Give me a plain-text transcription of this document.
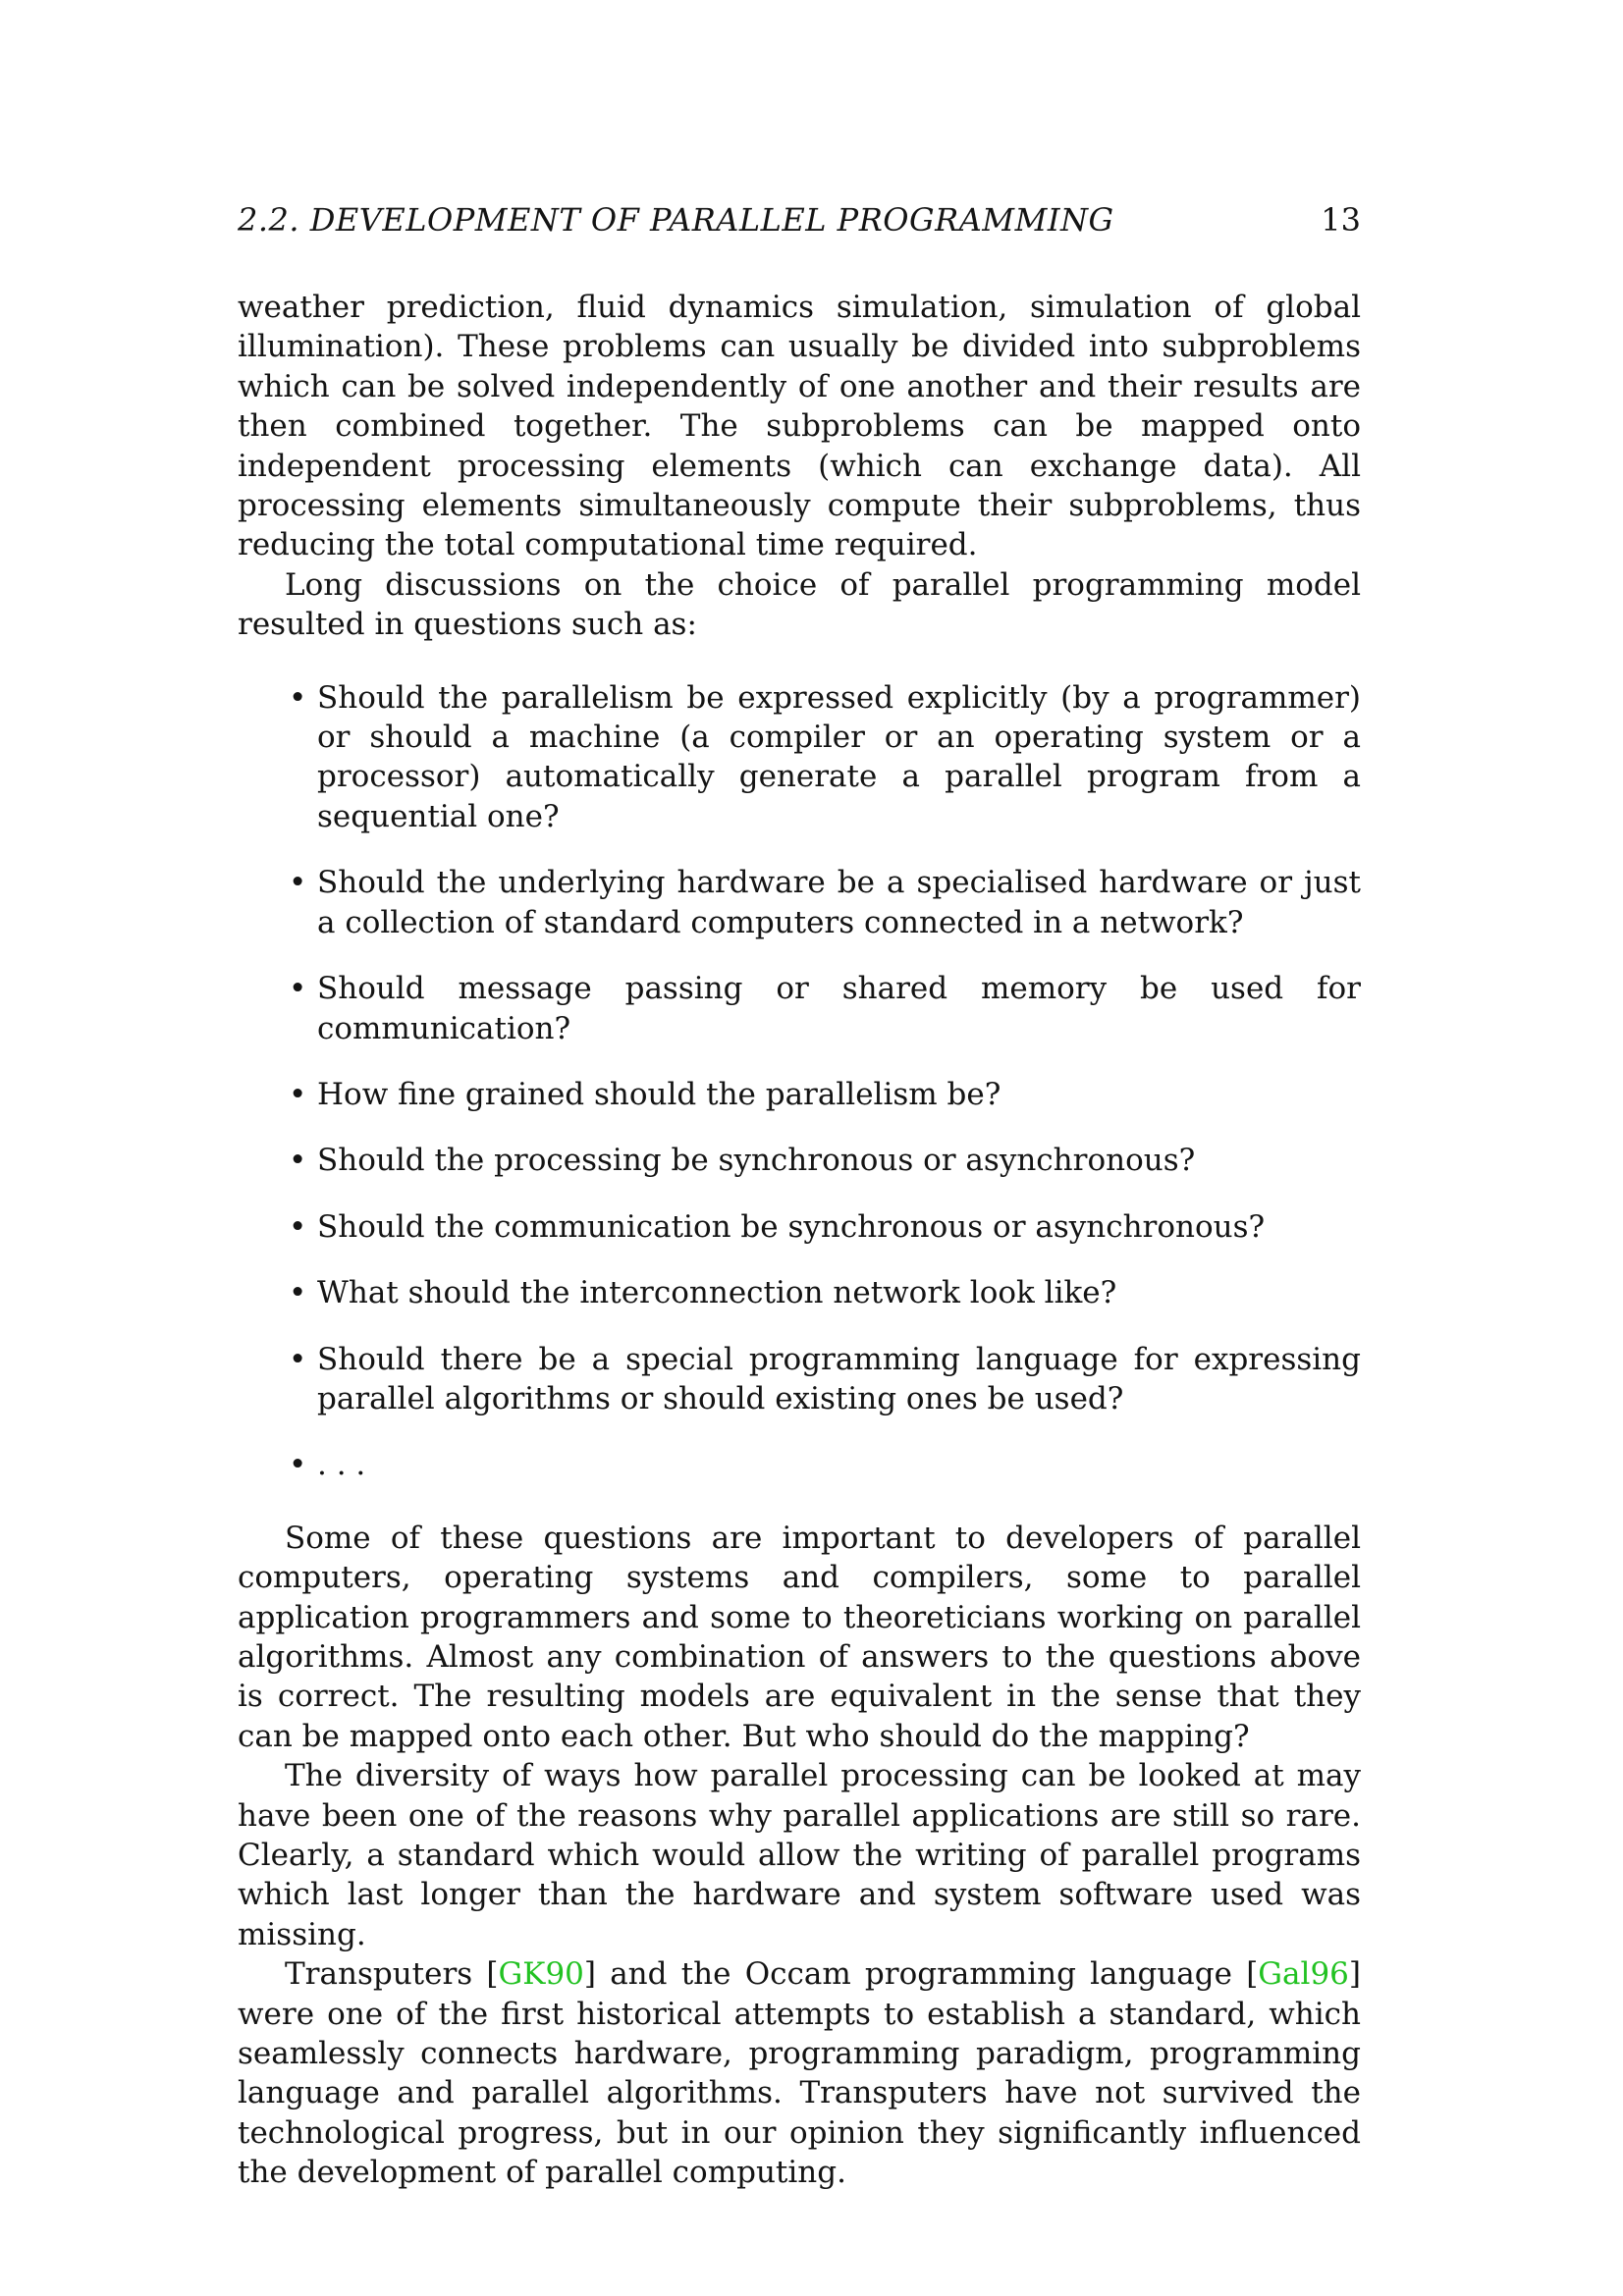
2.2. DEVELOPMENT OF PARALLEL PROGRAMMING	13

weather prediction, fluid dynamics simulation, simulation of global illumination). These problems can usually be divided into subproblems which can be solved independently of one another and their results are then combined together. The subproblems can be mapped onto independent processing elements (which can exchange data). All processing elements simultaneously compute their subproblems, thus reducing the total computational time required.

Long discussions on the choice of parallel programming model resulted in questions such as:

• Should the parallelism be expressed explicitly (by a programmer) or should a machine (a compiler or an operating system or a processor) automatically generate a parallel program from a sequential one?
• Should the underlying hardware be a specialised hardware or just a collection of standard computers connected in a network?
• Should message passing or shared memory be used for communication?
• How fine grained should the parallelism be?
• Should the processing be synchronous or asynchronous?
• Should the communication be synchronous or asynchronous?
• What should the interconnection network look like?
• Should there be a special programming language for expressing parallel algorithms or should existing ones be used?
• . . .

Some of these questions are important to developers of parallel computers, operating systems and compilers, some to parallel application programmers and some to theoreticians working on parallel algorithms. Almost any combination of answers to the questions above is correct. The resulting models are equivalent in the sense that they can be mapped onto each other. But who should do the mapping?

The diversity of ways how parallel processing can be looked at may have been one of the reasons why parallel applications are still so rare. Clearly, a standard which would allow the writing of parallel programs which last longer than the hardware and system software used was missing.

Transputers [GK90] and the Occam programming language [Gal96] were one of the first historical attempts to establish a standard, which seamlessly connects hardware, programming paradigm, programming language and parallel algorithms. Transputers have not survived the technological progress, but in our opinion they significantly influenced the development of parallel computing.
